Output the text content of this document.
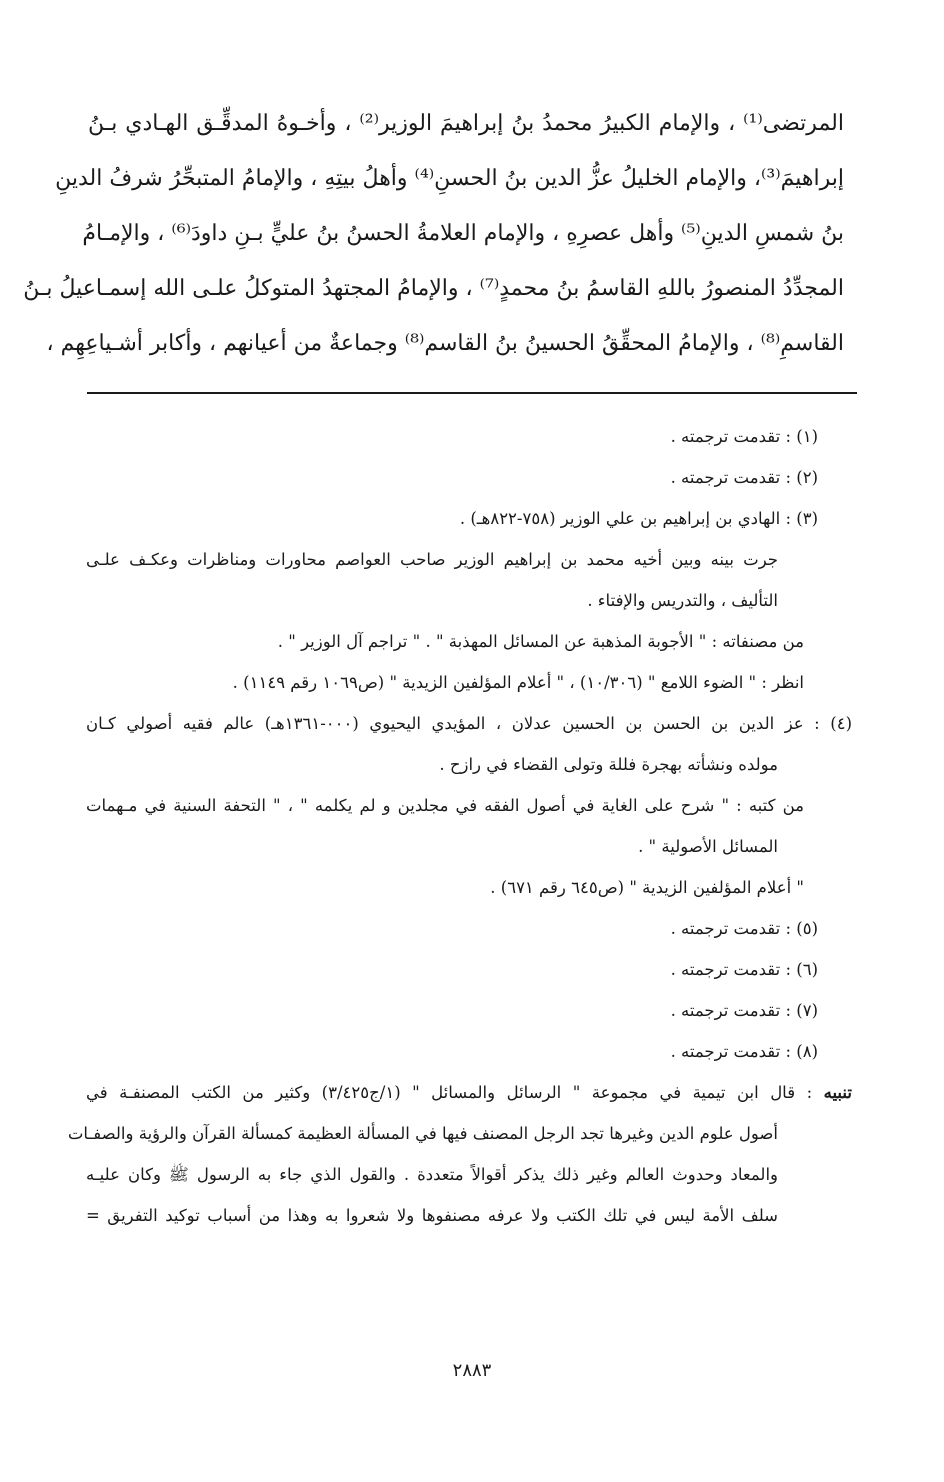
المرتضى⁽¹⁾ ، والإمام الكبيرُ محمدُ بنُ إبراهيمَ الوزير⁽²⁾ ، وأخـوهُ المدقِّـق الهـادي بـنُ
إبراهيمَ⁽³⁾، والإمام الخليلُ عزُّ الدين بنُ الحسنِ⁽⁴⁾ وأهلُ بيتِهِ ، والإمامُ المتبحِّرُ شرفُ الدينِ
بنُ شمسِ الدينِ⁽⁵⁾ وأهل عصرِهِ ، والإمام العلامةُ الحسنُ بنُ عليٍّ بـنِ داودَ⁽⁶⁾ ، والإمـامُ
المجدِّدُ المنصورُ باللهِ القاسمُ بنُ محمدٍ⁽⁷⁾ ، والإمامُ المجتهدُ المتوكلُ علـى الله إسمـاعيلُ بـنُ
القاسمِ⁽⁸⁾ ، والإمامُ المحقِّقُ الحسينُ بنُ القاسم⁽⁸⁾ وجماعةٌ من أعيانهم ، وأكابر أشـياعِهِم ،
(١) : تقدمت ترجمته .
(٢) : تقدمت ترجمته .
(٣) : الهادي بن إبراهيم بن علي الوزير (٧٥٨-٨٢٢هـ) .
جرت بينه وبين أخيه محمد بن إبراهيم الوزير صاحب العواصم محاورات ومناظرات وعكـف علـى
التأليف ، والتدريس والإفتاء .
من مصنفاته : " الأجوبة المذهبة عن المسائل المهذبة " . " تراجم آل الوزير " .
انظر : " الضوء اللامع " (١٠/٣٠٦) ، " أعلام المؤلفين الزيدية " (ص١٠٦٩ رقم ١١٤٩) .
(٤) : عز الدين بن الحسن بن الحسين عدلان ، المؤيدي اليحيوي (٠٠٠-١٣٦١هـ) عالم فقيه أصولي كـان
مولده ونشأته بهجرة فللة وتولى القضاء في رازح .
من كتبه : " شرح على الغاية في أصول الفقه في مجلدين و لم يكلمه " ، " التحفة السنية في مـهمات
المسائل الأصولية " .
" أعلام المؤلفين الزيدية " (ص٦٤٥ رقم ٦٧١) .
(٥) : تقدمت ترجمته .
(٦) : تقدمت ترجمته .
(٧) : تقدمت ترجمته .
(٨) : تقدمت ترجمته .
تنبيه : قال ابن تيمية في مجموعة " الرسائل والمسائل " (١/ج٣/٤٢٥) وكثير من الكتب المصنفـة في
أصول علوم الدين وغيرها تجد الرجل المصنف فيها في المسألة العظيمة كمسألة القرآن والرؤية والصفـات
والمعاد وحدوث العالم وغير ذلك يذكر أقوالاً متعددة . والقول الذي جاء به الرسول ﷺ وكان عليـه
سلف الأمة ليس في تلك الكتب ولا عرفه مصنفوها ولا شعروا به وهذا من أسباب توكيد التفريق =
٢٨٨٣
